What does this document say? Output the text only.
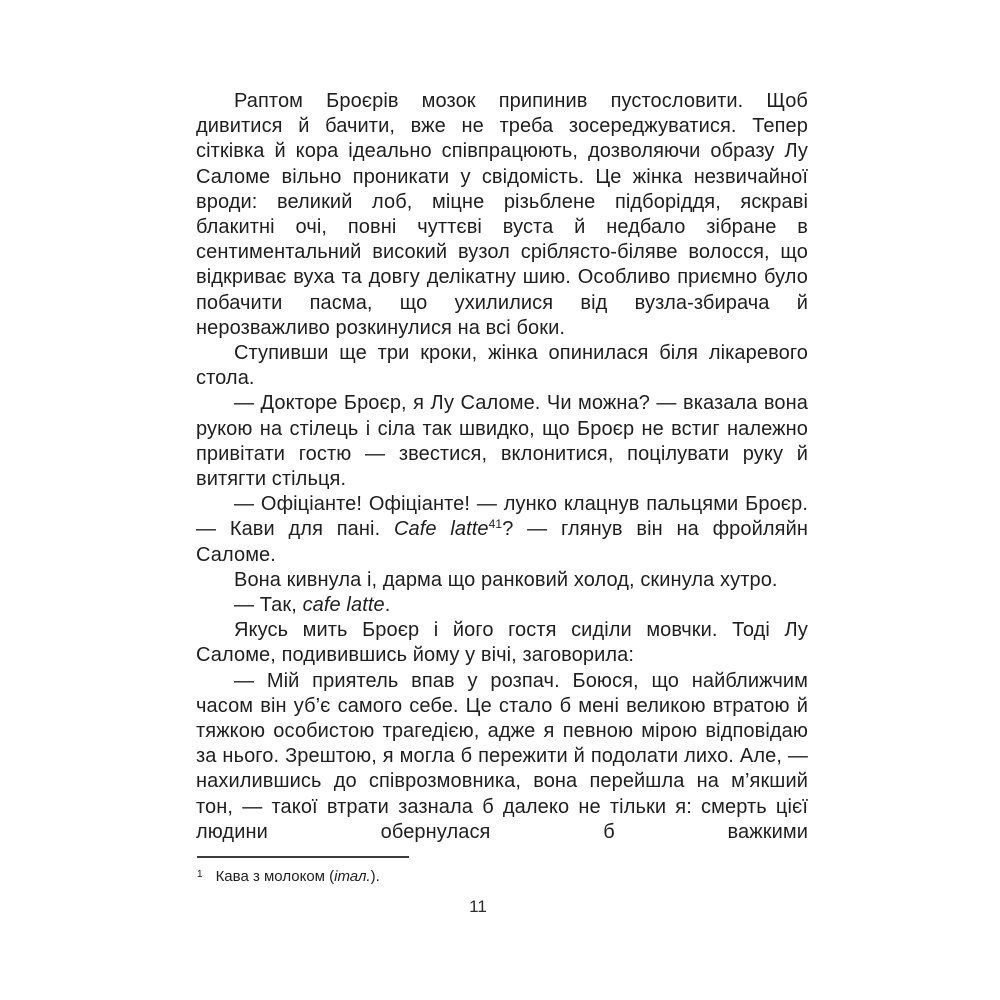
Раптом Броєрів мозок припинив пустословити. Щоб дивитися й бачити, вже не треба зосереджуватися. Тепер сітківка й кора ідеально співпрацюють, дозволяючи образу Лу Саломе вільно проникати у свідомість. Це жінка незвичайної вроди: великий лоб, міцне різьблене підборіддя, яскраві блакитні очі, повні чуттєві вуста й недбало зібране в сентиментальний високий вузол сріблясто-біляве волосся, що відкриває вуха та довгу делікатну шию. Особливо приємно було побачити пасма, що ухилилися від вузла-збирача й нерозважливо розкинулися на всі боки.

Ступивши ще три кроки, жінка опинилася біля лікаревого стола.

— Докторе Броєр, я Лу Саломе. Чи можна? — вказала вона рукою на стілець і сіла так швидко, що Броєр не встиг належно привітати гостю — звестися, вклонитися, поцілувати руку й витягти стільця.

— Офіціанте! Офіціанте! — лунко клацнув пальцями Броєр. — Кави для пані. Cafe latte$^{41}$? — глянув він на фройляйн Саломе.

Вона кивнула і, дарма що ранковий холод, скинула хутро.

— Так, cafe latte.

Якусь мить Броєр і його гостя сиділи мовчки. Тоді Лу Саломе, подивившись йому у вічі, заговорила:

— Мій приятель впав у розпач. Боюся, що найближчим часом він уб’є самого себе. Це стало б мені великою втратою й тяжкою особистою трагедією, адже я певною мірою відповідаю за нього. Зрештою, я могла б пережити й подолати лихо. Але, — нахилившись до співрозмовника, вона перейшла на м’якший тон, — такої втрати зазнала б далеко не тільки я: смерть цієї людини обернулася б важкими

$^1$ Кава з молоком (італ.).
11
